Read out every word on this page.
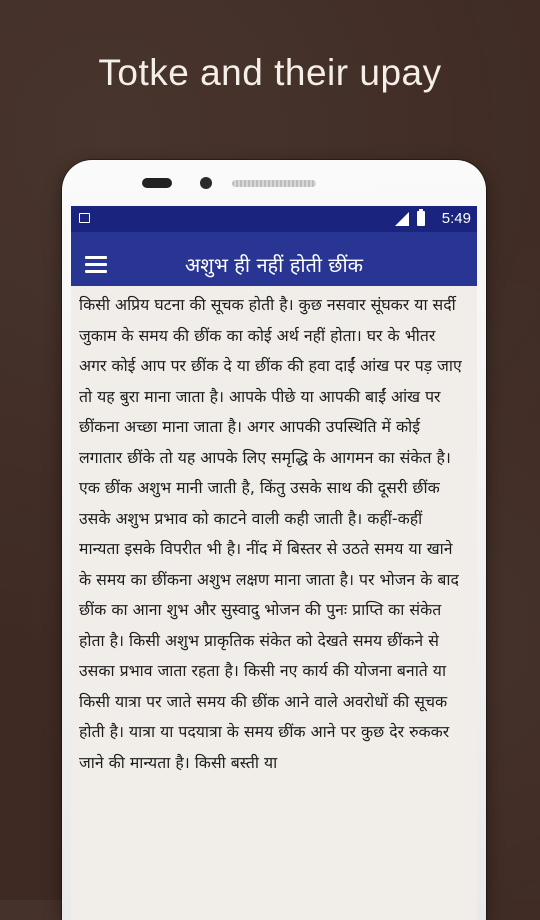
Totke and their upay
5:49
अशुभ ही नहीं होती छींक

किसी अप्रिय घटना की सूचक होती है। कुछ नसवार सूंघकर या सर्दी जुकाम के समय की छींक का कोई अर्थ नहीं होता। घर के भीतर अगर कोई आप पर छींक दे या छींक की हवा दाईं आंख पर पड़ जाए तो यह बुरा माना जाता है। आपके पीछे या आपकी बाईं आंख पर छींकना अच्छा माना जाता है। अगर आपकी उपस्थिति में कोई लगातार छींके तो यह आपके लिए समृद्धि के आगमन का संकेत है। एक छींक अशुभ मानी जाती है, किंतु उसके साथ की दूसरी छींक उसके अशुभ प्रभाव को काटने वाली कही जाती है। कहीं-कहीं मान्यता इसके विपरीत भी है। नींद में बिस्तर से उठते समय या खाने के समय का छींकना अशुभ लक्षण माना जाता है। पर भोजन के बाद छींक का आना शुभ और सुस्वादु भोजन की पुनः प्राप्ति का संकेत होता है। किसी अशुभ प्राकृतिक संकेत को देखते समय छींकने से उसका प्रभाव जाता रहता है। किसी नए कार्य की योजना बनाते या किसी यात्रा पर जाते समय की छींक आने वाले अवरोधों की सूचक होती है। यात्रा या पदयात्रा के समय छींक आने पर कुछ देर रुककर जाने की मान्यता है। किसी बस्ती या
